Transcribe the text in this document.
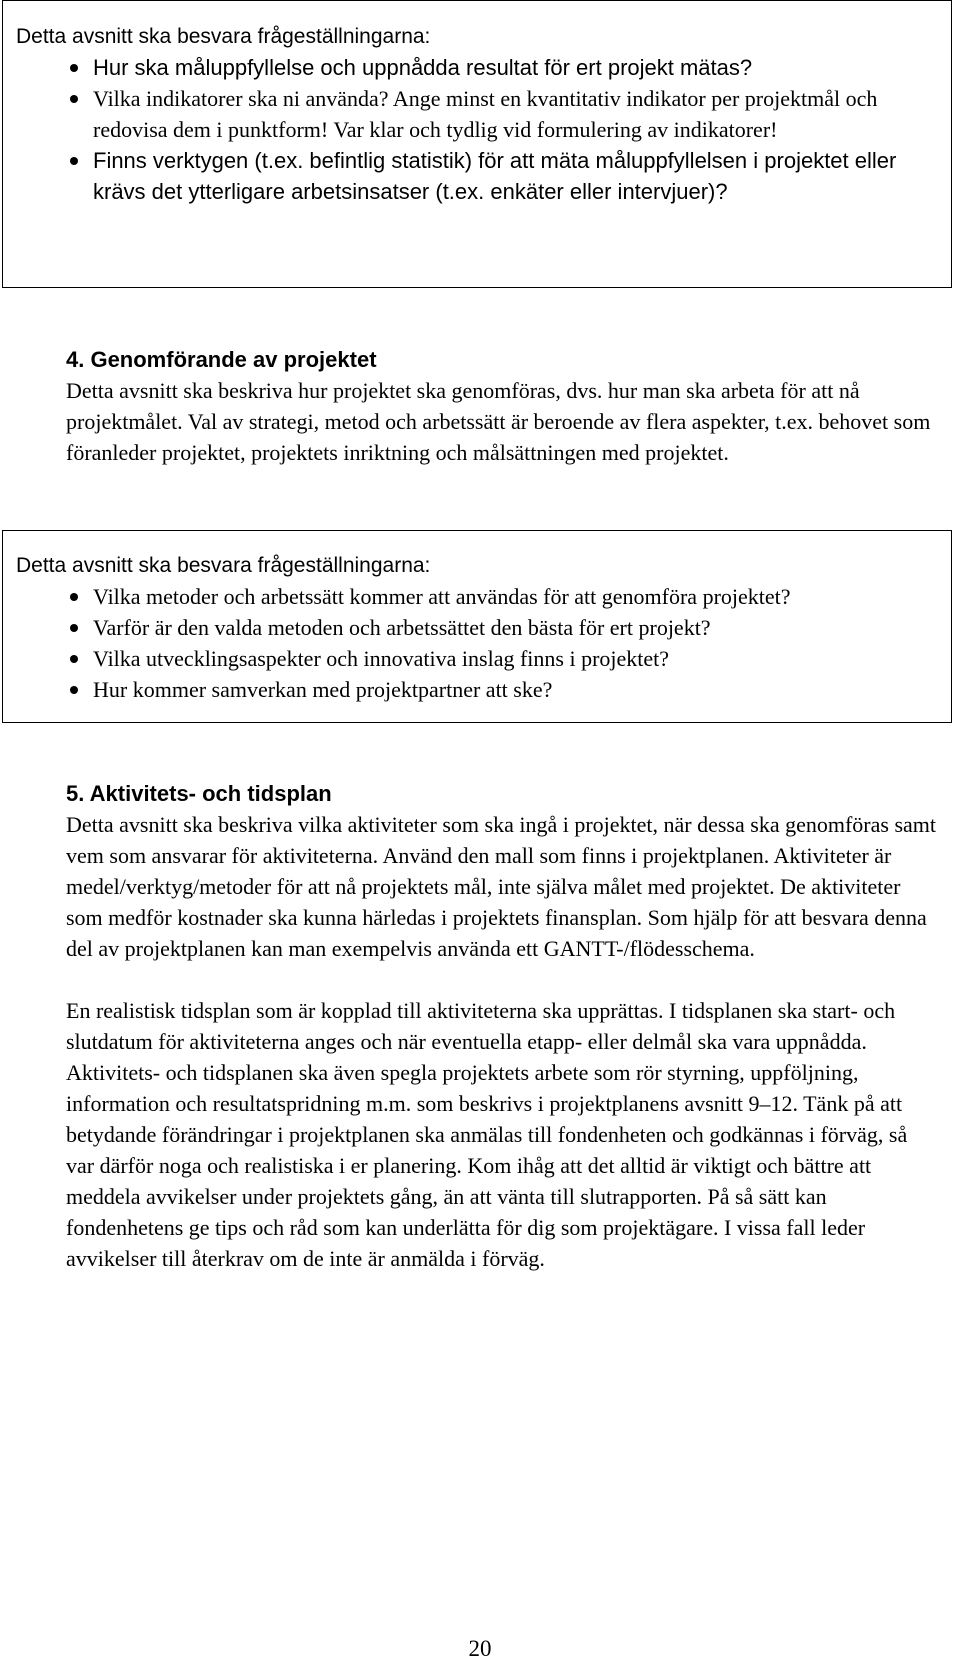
Detta avsnitt ska besvara frågeställningarna:

Hur ska måluppfyllelse och uppnådda resultat för ert projekt mätas?
Vilka indikatorer ska ni använda? Ange minst en kvantitativ indikator per projektmål och redovisa dem i punktform! Var klar och tydlig vid formulering av indikatorer!
Finns verktygen (t.ex. befintlig statistik) för att mäta måluppfyllelsen i projektet eller krävs det ytterligare arbetsinsatser (t.ex. enkäter eller intervjuer)?

4. Genomförande av projektet

Detta avsnitt ska beskriva hur projektet ska genomföras, dvs. hur man ska arbeta för att nå projektmålet. Val av strategi, metod och arbetssätt är beroende av flera aspekter, t.ex. behovet som föranleder projektet, projektets inriktning och målsättningen med projektet.

Detta avsnitt ska besvara frågeställningarna:

Vilka metoder och arbetssätt kommer att användas för att genomföra projektet?
Varför är den valda metoden och arbetssättet den bästa för ert projekt?
Vilka utvecklingsaspekter och innovativa inslag finns i projektet?
Hur kommer samverkan med projektpartner att ske?

5. Aktivitets- och tidsplan

Detta avsnitt ska beskriva vilka aktiviteter som ska ingå i projektet, när dessa ska genomföras samt vem som ansvarar för aktiviteterna. Använd den mall som finns i projektplanen. Aktiviteter är medel/verktyg/metoder för att nå projektets mål, inte själva målet med projektet. De aktiviteter som medför kostnader ska kunna härledas i projektets finansplan. Som hjälp för att besvara denna del av projektplanen kan man exempelvis använda ett GANTT-/flödesschema.

En realistisk tidsplan som är kopplad till aktiviteterna ska upprättas. I tidsplanen ska start- och slutdatum för aktiviteterna anges och när eventuella etapp- eller delmål ska vara uppnådda. Aktivitets- och tidsplanen ska även spegla projektets arbete som rör styrning, uppföljning, information och resultatspridning m.m. som beskrivs i projektplanens avsnitt 9–12. Tänk på att betydande förändringar i projektplanen ska anmälas till fondenheten och godkännas i förväg, så var därför noga och realistiska i er planering. Kom ihåg att det alltid är viktigt och bättre att meddela avvikelser under projektets gång, än att vänta till slutrapporten. På så sätt kan fondenhetens ge tips och råd som kan underlätta för dig som projektägare. I vissa fall leder avvikelser till återkrav om de inte är anmälda i förväg.

20
